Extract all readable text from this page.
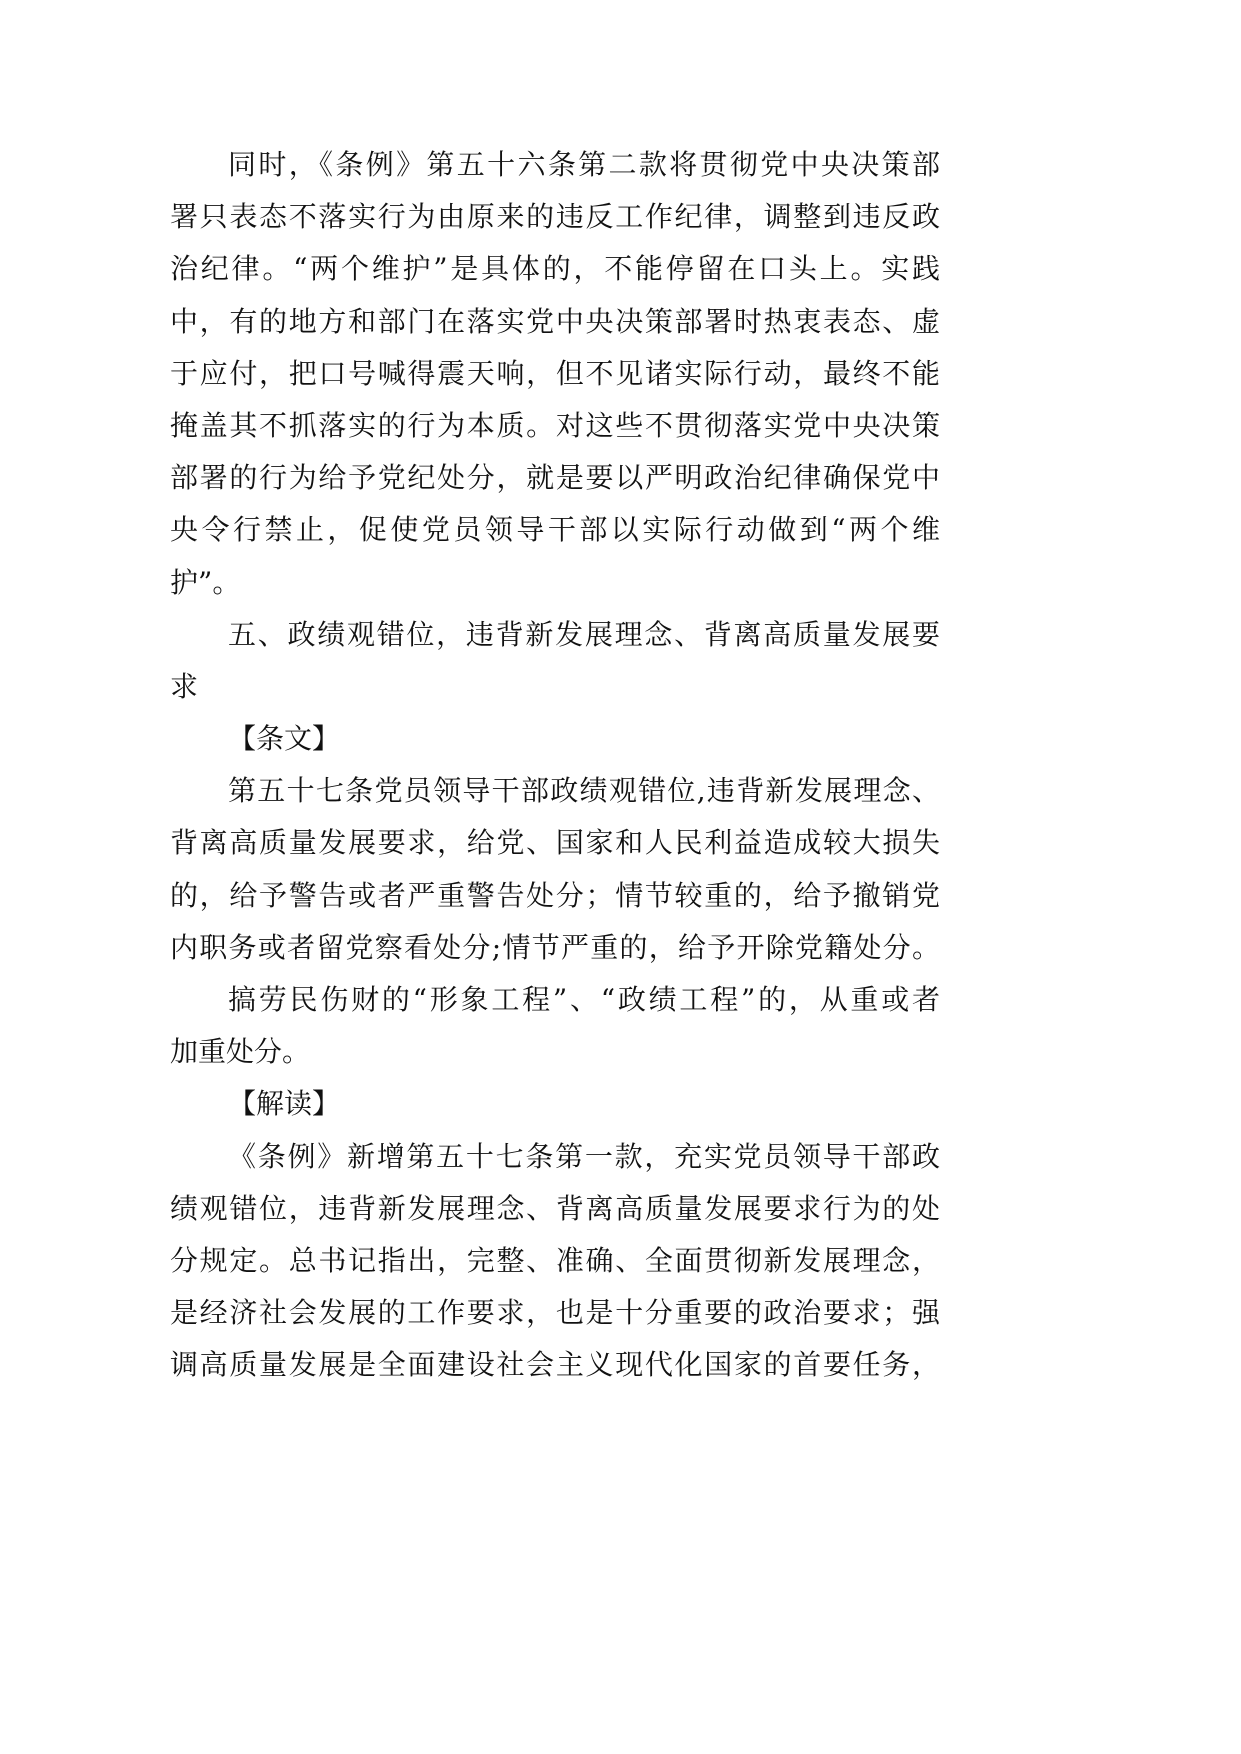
同时，《条例》第五十六条第二款将贯彻党中央决策部
署只表态不落实行为由原来的违反工作纪律，调整到违反政
治纪律。“两个维护”是具体的，不能停留在口头上。实践
中，有的地方和部门在落实党中央决策部署时热衷表态、虚
于应付，把口号喊得震天响，但不见诸实际行动，最终不能
掩盖其不抓落实的行为本质。对这些不贯彻落实党中央决策
部署的行为给予党纪处分，就是要以严明政治纪律确保党中
央令行禁止，促使党员领导干部以实际行动做到“两个维
护”。
五、政绩观错位，违背新发展理念、背离高质量发展要
求
【条文】
第五十七条党员领导干部政绩观错位,违背新发展理念、
背离高质量发展要求，给党、国家和人民利益造成较大损失
的，给予警告或者严重警告处分；情节较重的，给予撤销党
内职务或者留党察看处分;情节严重的，给予开除党籍处分。
搞劳民伤财的“形象工程”、“政绩工程”的，从重或者
加重处分。
【解读】
《条例》新增第五十七条第一款，充实党员领导干部政
绩观错位，违背新发展理念、背离高质量发展要求行为的处
分规定。总书记指出，完整、准确、全面贯彻新发展理念，
是经济社会发展的工作要求，也是十分重要的政治要求；强
调高质量发展是全面建设社会主义现代化国家的首要任务，
